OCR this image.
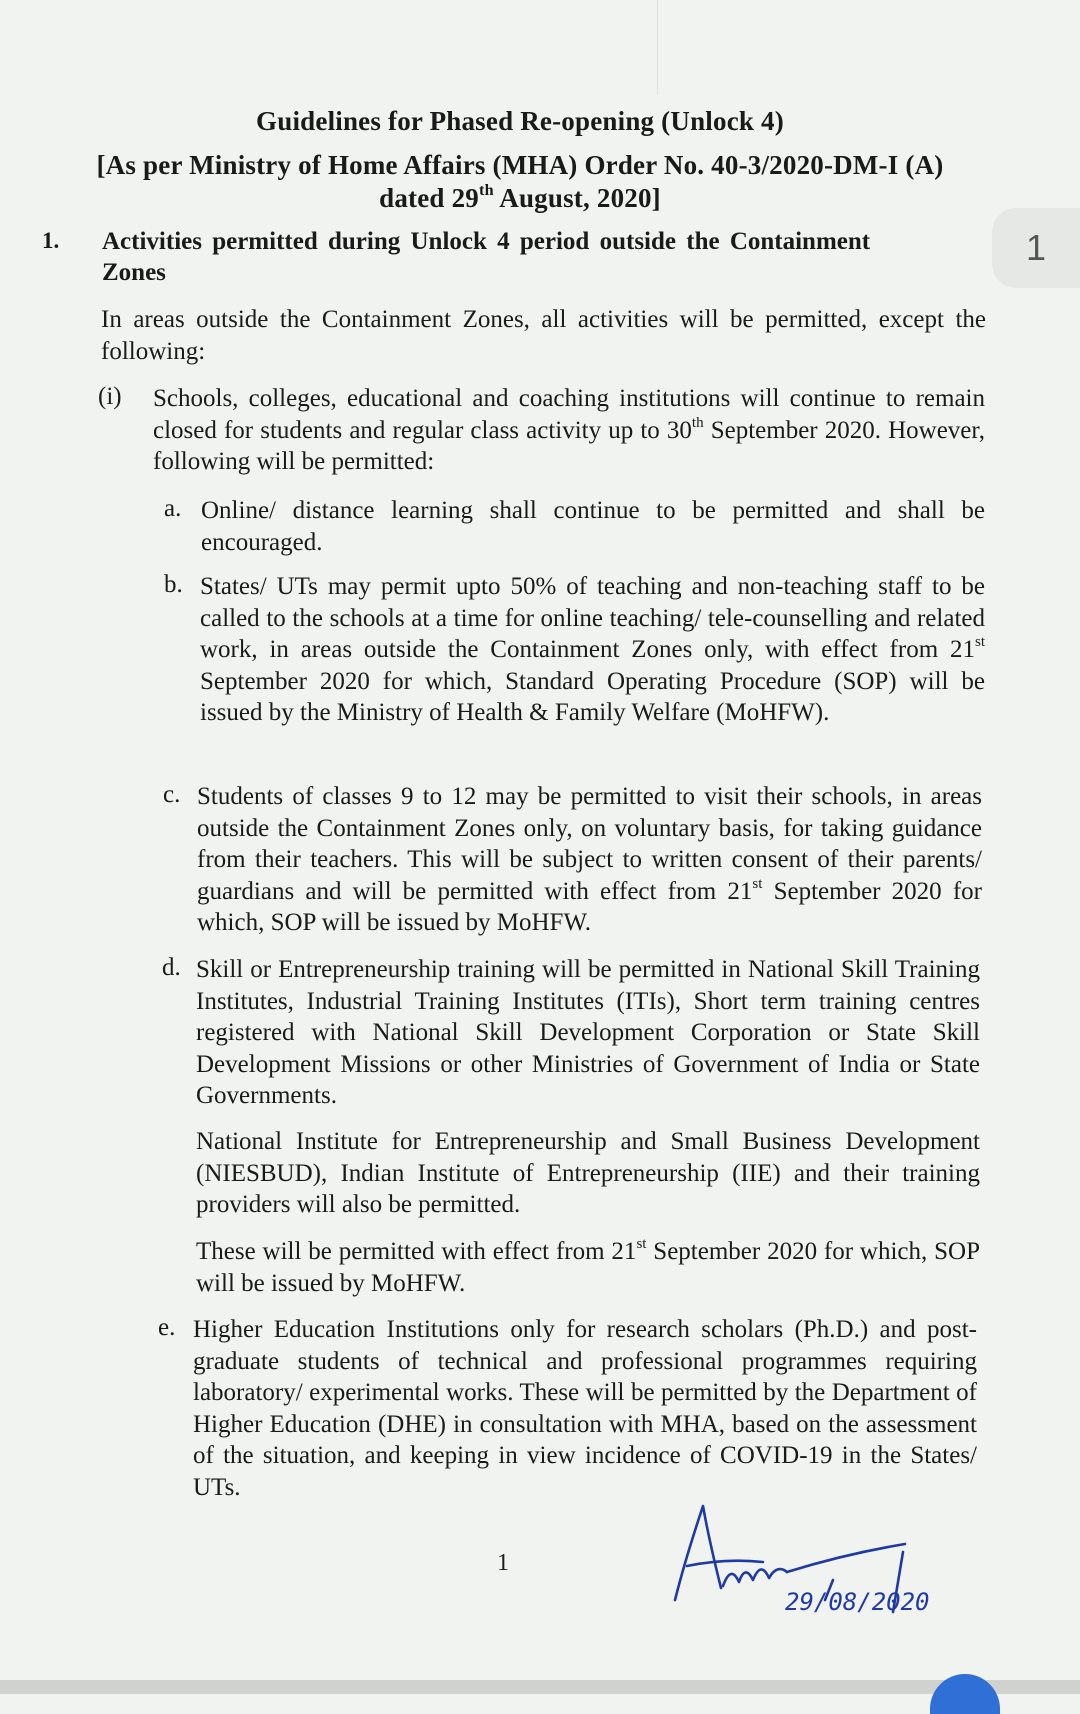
1
Guidelines for Phased Re-opening (Unlock 4)
[As per Ministry of Home Affairs (MHA) Order No. 40-3/2020-DM-I (A)
dated 29th August, 2020]
1. Activities permitted during Unlock 4 period outside the Containment
Zones
In areas outside the Containment Zones, all activities will be permitted, except the following:
(i) Schools, colleges, educational and coaching institutions will continue to remain closed for students and regular class activity up to 30th September 2020. However, following will be permitted:
a. Online/ distance learning shall continue to be permitted and shall be encouraged.
b. States/ UTs may permit upto 50% of teaching and non-teaching staff to be called to the schools at a time for online teaching/ tele-counselling and related work, in areas outside the Containment Zones only, with effect from 21st September 2020 for which, Standard Operating Procedure (SOP) will be issued by the Ministry of Health & Family Welfare (MoHFW).
c. Students of classes 9 to 12 may be permitted to visit their schools, in areas outside the Containment Zones only, on voluntary basis, for taking guidance from their teachers. This will be subject to written consent of their parents/ guardians and will be permitted with effect from 21st September 2020 for which, SOP will be issued by MoHFW.
d. Skill or Entrepreneurship training will be permitted in National Skill Training Institutes, Industrial Training Institutes (ITIs), Short term training centres registered with National Skill Development Corporation or State Skill Development Missions or other Ministries of Government of India or State Governments.
National Institute for Entrepreneurship and Small Business Development (NIESBUD), Indian Institute of Entrepreneurship (IIE) and their training providers will also be permitted.
These will be permitted with effect from 21st September 2020 for which, SOP will be issued by MoHFW.
e. Higher Education Institutions only for research scholars (Ph.D.) and post-graduate students of technical and professional programmes requiring laboratory/ experimental works. These will be permitted by the Department of Higher Education (DHE) in consultation with MHA, based on the assessment of the situation, and keeping in view incidence of COVID-19 in the States/ UTs.
1
29/08/2020
